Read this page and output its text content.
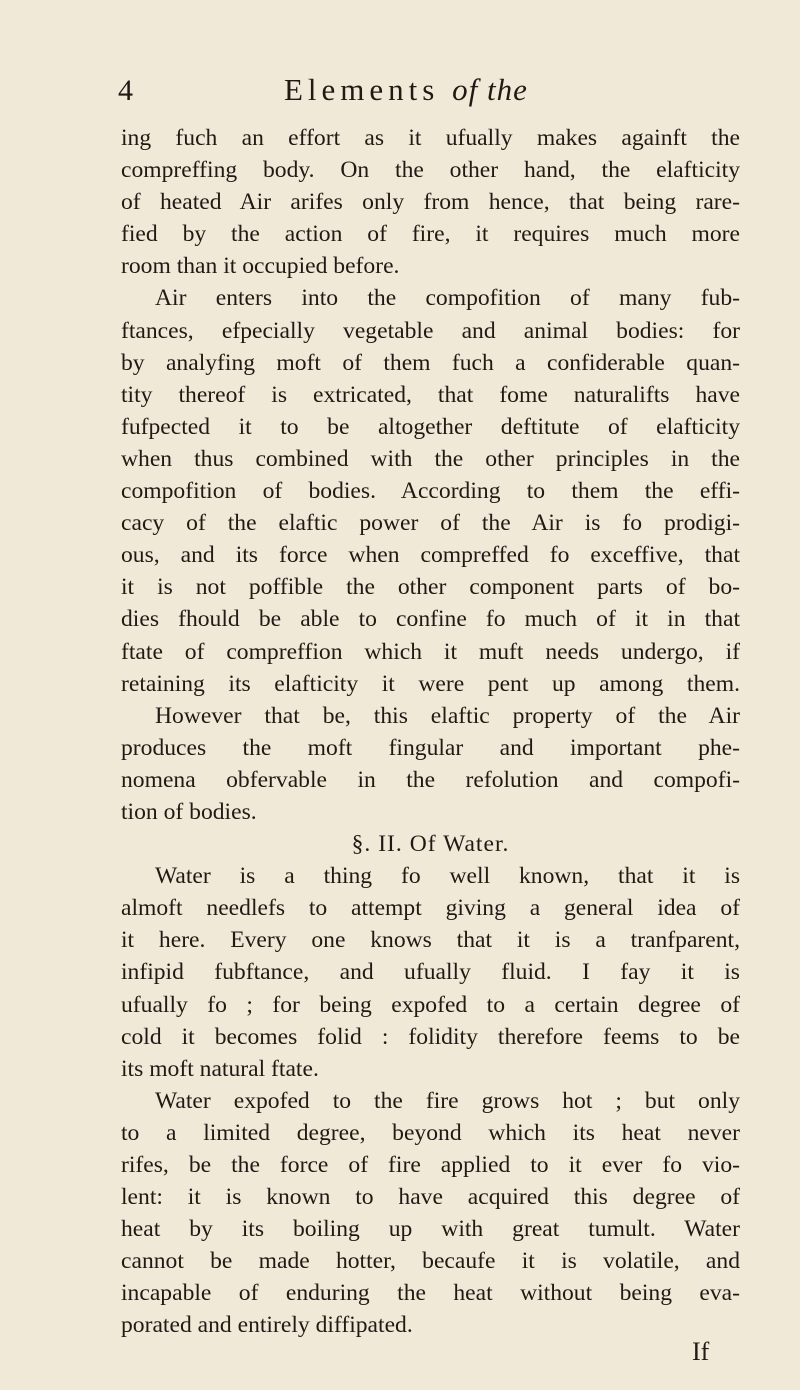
4	Elements of the
ing fuch an effort as it ufually makes againft the
compreffing body. On the other hand, the elafticity
of heated Air arifes only from hence, that being rare-
fied by the action of fire, it requires much more
room than it occupied before.
Air enters into the compofition of many fub-
ftances, efpecially vegetable and animal bodies: for
by analyfing moft of them fuch a confiderable quan-
tity thereof is extricated, that fome naturalifts have
fufpected it to be altogether deftitute of elafticity
when thus combined with the other principles in the
compofition of bodies. According to them the effi-
cacy of the elaftic power of the Air is fo prodigi-
ous, and its force when compreffed fo exceffive, that
it is not poffible the other component parts of bo-
dies fhould be able to confine fo much of it in that
ftate of compreffion which it muft needs undergo, if
retaining its elafticity it were pent up among them.
However that be, this elaftic property of the Air
produces the moft fingular and important phe-
nomena obfervable in the refolution and compofi-
tion of bodies.
§. II. Of Water.
Water is a thing fo well known, that it is
almoft needlefs to attempt giving a general idea of
it here. Every one knows that it is a tranfparent,
infipid fubftance, and ufually fluid. I fay it is
ufually fo ; for being expofed to a certain degree of
cold it becomes folid : folidity therefore feems to be
its moft natural ftate.
Water expofed to the fire grows hot ; but only
to a limited degree, beyond which its heat never
rifes, be the force of fire applied to it ever fo vio-
lent: it is known to have acquired this degree of
heat by its boiling up with great tumult. Water
cannot be made hotter, becaufe it is volatile, and
incapable of enduring the heat without being eva-
porated and entirely diffipated.
If
